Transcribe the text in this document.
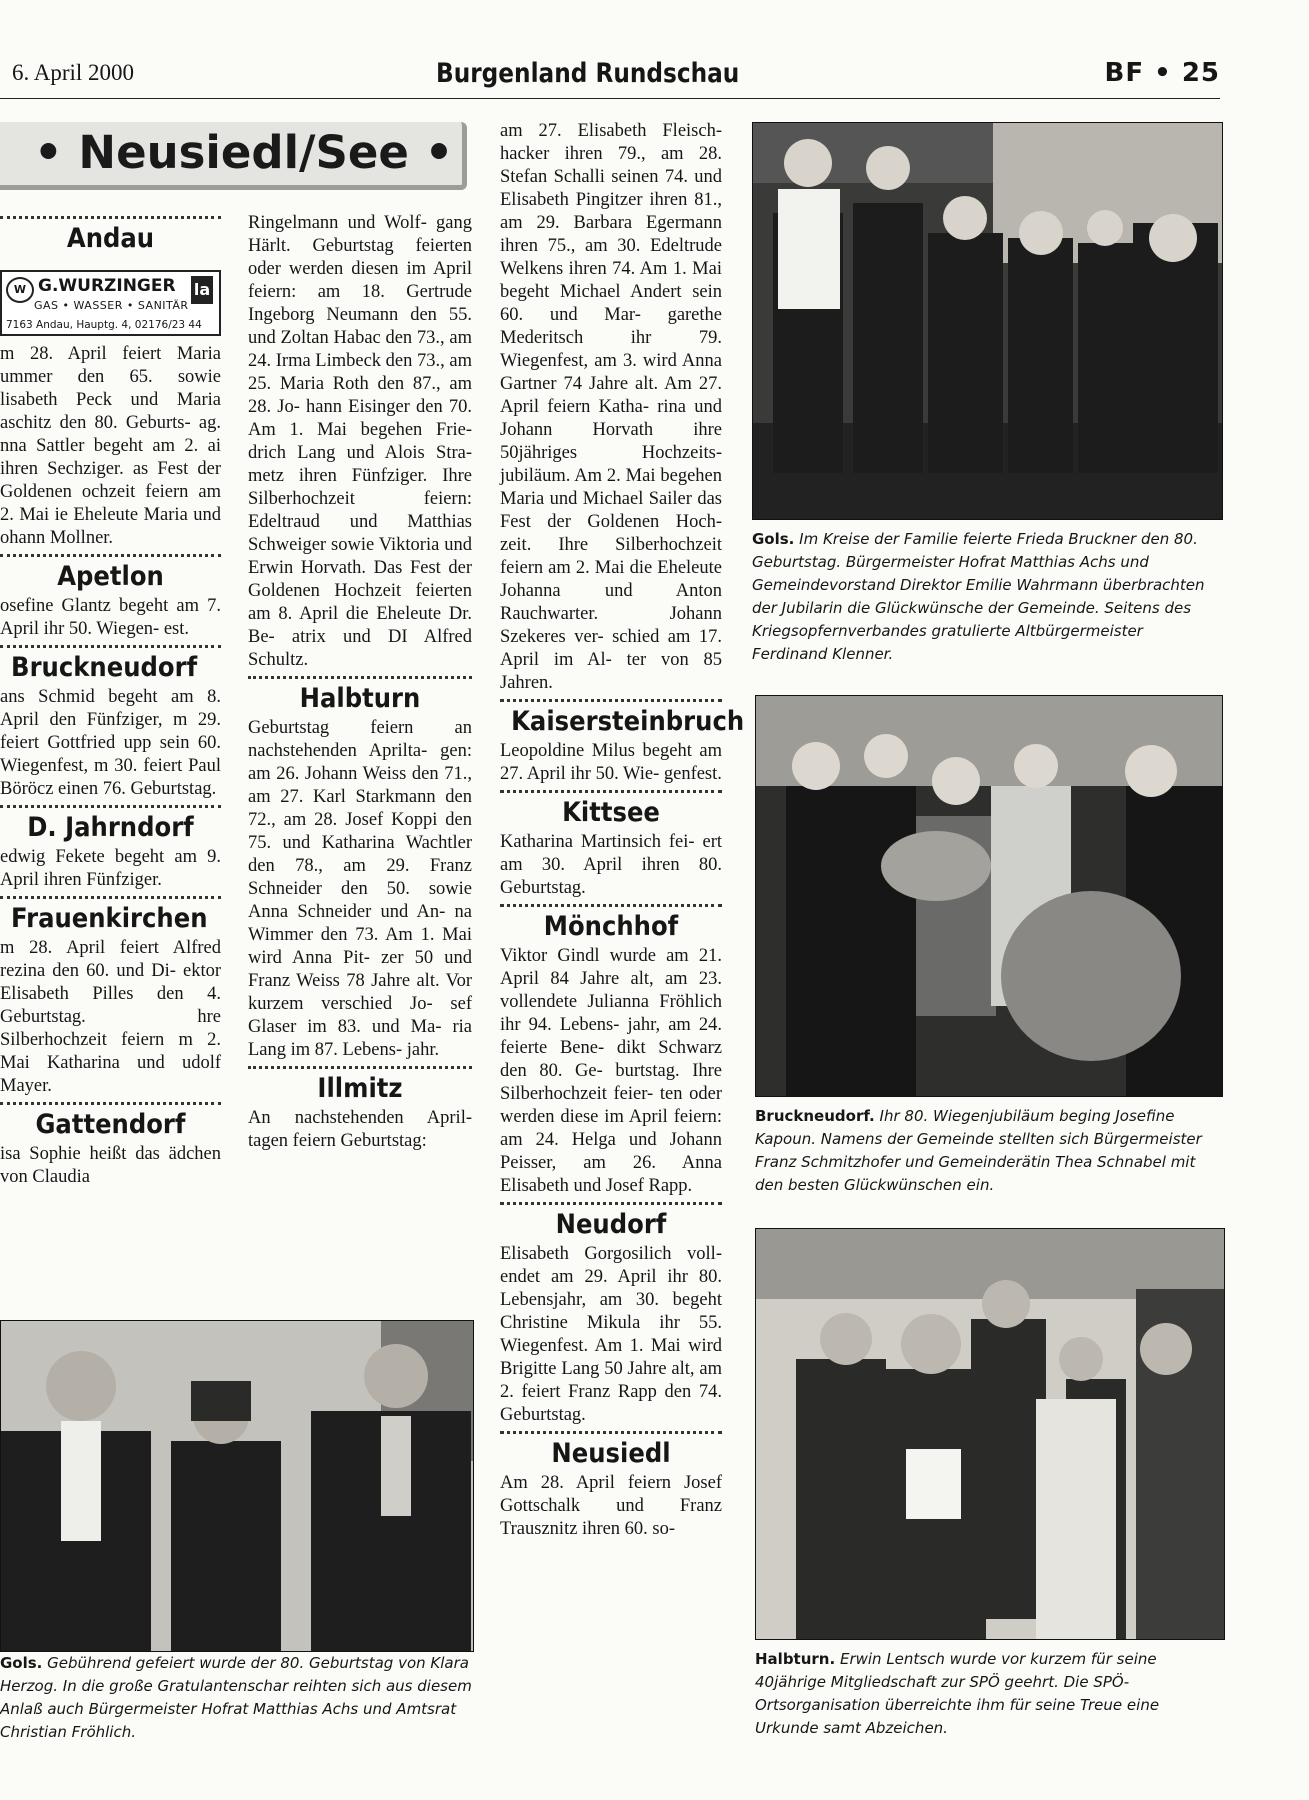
6. April 2000	Burgenland Rundschau	BF • 25
• Neusiedl/See •
Andau

m 28. April feiert Maria ummer den 65. sowie lisabeth Peck und Maria aschitz den 80. Geburts- ag. nna Sattler begeht am 2. ai ihren Sechziger. as Fest der Goldenen ochzeit feiern am 2. Mai ie Eheleute Maria und ohann Mollner.

Apetlon

osefine Glantz begeht am 7. April ihr 50. Wiegen- est.

Bruckneudorf

ans Schmid begeht am 8. April den Fünfziger, m 29. feiert Gottfried upp sein 60. Wiegenfest, m 30. feiert Paul Böröcz einen 76. Geburtstag.

D. Jahrndorf

edwig Fekete begeht am 9. April ihren Fünfziger.

Frauenkirchen

m 28. April feiert Alfred rezina den 60. und Di- ektor Elisabeth Pilles den 4. Geburtstag. hre Silberhochzeit feiern m 2. Mai Katharina und udolf Mayer.

Gattendorf

isa Sophie heißt das ädchen von Claudia

W G.WURZINGER
GAS • WASSER • SANITÄR
7163 Andau, Hauptg. 4, 02176/23 44
la

Ringelmann und Wolf- gang Härlt. Geburtstag feierten oder werden diesen im April feiern: am 18. Gertrude Ingeborg Neumann den 55. und Zoltan Habac den 73., am 24. Irma Limbeck den 73., am 25. Maria Roth den 87., am 28. Jo- hann Eisinger den 70. Am 1. Mai begehen Frie- drich Lang und Alois Stra- metz ihren Fünfziger. Ihre Silberhochzeit feiern: Edeltraud und Matthias Schweiger sowie Viktoria und Erwin Horvath. Das Fest der Goldenen Hochzeit feierten am 8. April die Eheleute Dr. Be- atrix und DI Alfred Schultz.

Halbturn

Geburtstag feiern an nachstehenden Aprilta- gen: am 26. Johann Weiss den 71., am 27. Karl Starkmann den 72., am 28. Josef Koppi den 75. und Katharina Wachtler den 78., am 29. Franz Schneider den 50. sowie Anna Schneider und An- na Wimmer den 73. Am 1. Mai wird Anna Pit- zer 50 und Franz Weiss 78 Jahre alt. Vor kurzem verschied Jo- sef Glaser im 83. und Ma- ria Lang im 87. Lebens- jahr.

Illmitz

An nachstehenden April- tagen feiern Geburtstag:

am 27. Elisabeth Fleisch- hacker ihren 79., am 28. Stefan Schalli seinen 74. und Elisabeth Pingitzer ihren 81., am 29. Barbara Egermann ihren 75., am 30. Edeltrude Welkens ihren 74. Am 1. Mai begeht Michael Andert sein 60. und Mar- garethe Mederitsch ihr 79. Wiegenfest, am 3. wird Anna Gartner 74 Jahre alt. Am 27. April feiern Katha- rina und Johann Horvath ihre 50jähriges Hochzeits- jubiläum. Am 2. Mai begehen Maria und Michael Sailer das Fest der Goldenen Hoch- zeit. Ihre Silberhochzeit feiern am 2. Mai die Eheleute Johanna und Anton Rauchwarter. Johann Szekeres ver- schied am 17. April im Al- ter von 85 Jahren.

Kaisersteinbruch

Leopoldine Milus begeht am 27. April ihr 50. Wie- genfest.

Kittsee

Katharina Martinsich fei- ert am 30. April ihren 80. Geburtstag.

Mönchhof

Viktor Gindl wurde am 21. April 84 Jahre alt, am 23. vollendete Julianna Fröhlich ihr 94. Lebens- jahr, am 24. feierte Bene- dikt Schwarz den 80. Ge- burtstag. Ihre Silberhochzeit feier- ten oder werden diese im April feiern: am 24. Helga und Johann Peisser, am 26. Anna Elisabeth und Josef Rapp.

Neudorf

Elisabeth Gorgosilich voll- endet am 29. April ihr 80. Lebensjahr, am 30. begeht Christine Mikula ihr 55. Wiegenfest. Am 1. Mai wird Brigitte Lang 50 Jahre alt, am 2. feiert Franz Rapp den 74. Geburtstag.

Neusiedl

Am 28. April feiern Josef Gottschalk und Franz Trausznitz ihren 60. so-

Gols. Im Kreise der Familie feierte Frieda Bruckner den 80. Geburtstag. Bürgermeister Hofrat Matthias Achs und Gemeindevorstand Direktor Emilie Wahrmann überbrachten der Jubilarin die Glückwünsche der Gemeinde. Seitens des Kriegsopfernverbandes gratulierte Altbürgermeister Ferdinand Klenner.
Bruckneudorf. Ihr 80. Wiegenjubiläum beging Josefine Kapoun. Namens der Gemeinde stellten sich Bürgermeister Franz Schmitzhofer und Gemeinderätin Thea Schnabel mit den besten Glückwünschen ein.
Halbturn. Erwin Lentsch wurde vor kurzem für seine 40jährige Mitgliedschaft zur SPÖ geehrt. Die SPÖ-Ortsorganisation überreichte ihm für seine Treue eine Urkunde samt Abzeichen.
Gols. Gebührend gefeiert wurde der 80. Geburtstag von Klara Herzog. In die große Gratulantenschar reihten sich aus diesem Anlaß auch Bürgermeister Hofrat Matthias Achs und Amtsrat Christian Fröhlich.
